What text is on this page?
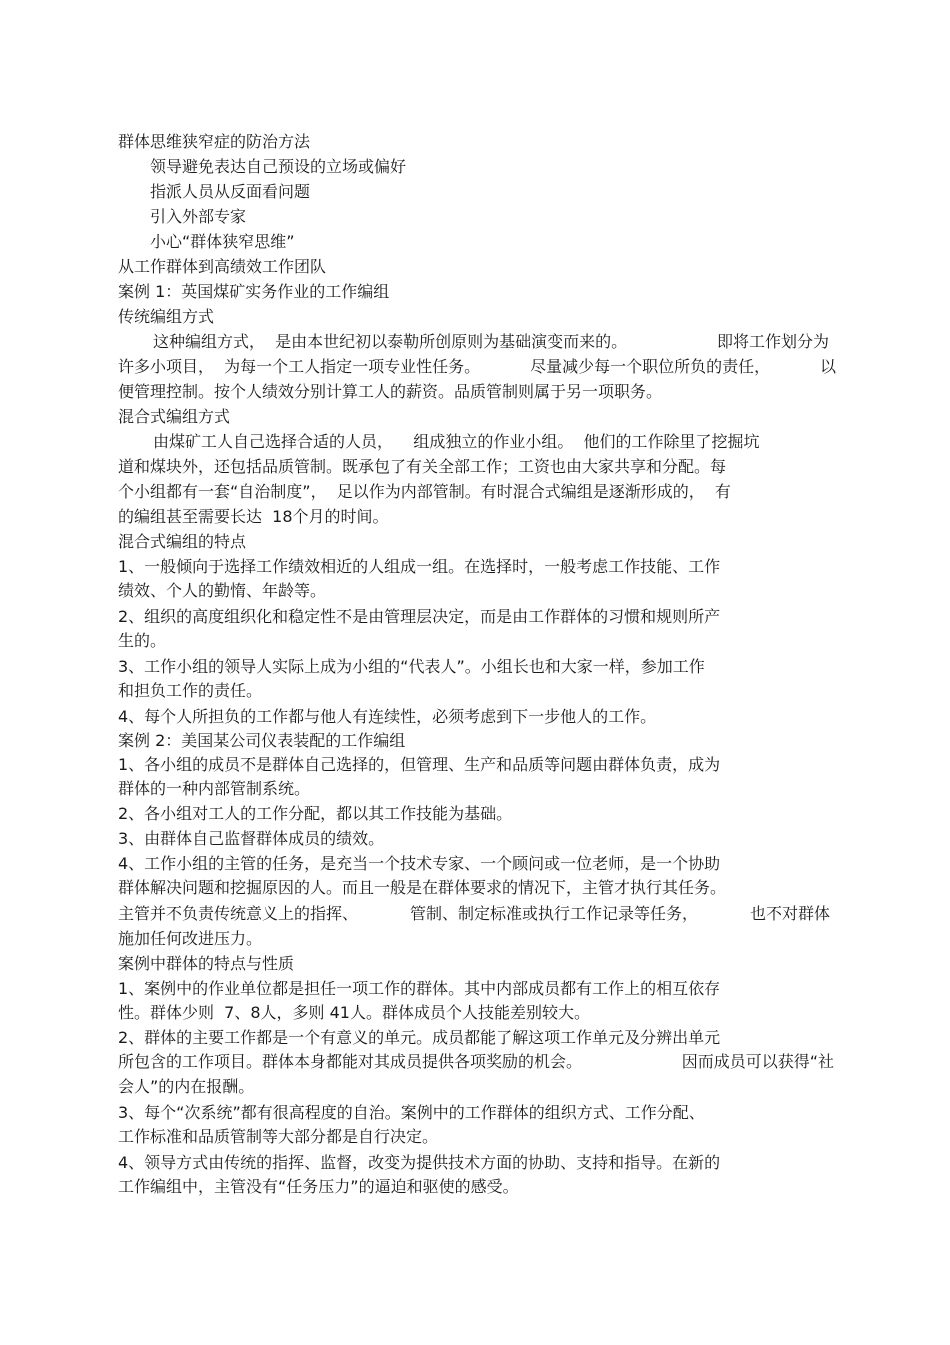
群体思维狭窄症的防治方法
领导避免表达自己预设的立场或偏好
指派人员从反面看问题
引入外部专家
小心“群体狭窄思维”
从工作群体到高绩效工作团队
案例 1：英国煤矿实务作业的工作编组
传统编组方式
这种编组方式，  是由本世纪初以泰勒所创原则为基础演变而来的。	即将工作划分为
许多小项目，  为每一个工人指定一项专业性任务。	尽量减少每一个职位所负的责任，	以
便管理控制。按个人绩效分别计算工人的薪资。品质管制则属于另一项职务。
混合式编组方式
由煤矿工人自己选择合适的人员，    组成独立的作业小组。  他们的工作除里了挖掘坑
道和煤块外，还包括品质管制。既承包了有关全部工作；工资也由大家共享和分配。每
个小组都有一套“自治制度”，  足以作为内部管制。有时混合式编组是逐渐形成的，  有
的编组甚至需要长达  18个月的时间。
混合式编组的特点
1、一般倾向于选择工作绩效相近的人组成一组。在选择时，一般考虑工作技能、工作
绩效、个人的勤惰、年龄等。
2、组织的高度组织化和稳定性不是由管理层决定，而是由工作群体的习惯和规则所产
生的。
3、工作小组的领导人实际上成为小组的“代表人”。小组长也和大家一样，参加工作
和担负工作的责任。
4、每个人所担负的工作都与他人有连续性，必须考虑到下一步他人的工作。
案例 2：美国某公司仪表装配的工作编组
1、各小组的成员不是群体自己选择的，但管理、生产和品质等问题由群体负责，成为
群体的一种内部管制系统。
2、各小组对工人的工作分配，都以其工作技能为基础。
3、由群体自己监督群体成员的绩效。
4、工作小组的主管的任务，是充当一个技术专家、一个顾问或一位老师，是一个协助
群体解决问题和挖掘原因的人。而且一般是在群体要求的情况下，主管才执行其任务。
主管并不负责传统意义上的指挥、	管制、制定标准或执行工作记录等任务，	也不对群体
施加任何改进压力。
案例中群体的特点与性质
1、案例中的作业单位都是担任一项工作的群体。其中内部成员都有工作上的相互依存
性。群体少则  7、8人，多则 41人。群体成员个人技能差别较大。
2、群体的主要工作都是一个有意义的单元。成员都能了解这项工作单元及分辨出单元
所包含的工作项目。群体本身都能对其成员提供各项奖励的机会。	因而成员可以获得“社
会人”的内在报酬。
3、每个“次系统”都有很高程度的自治。案例中的工作群体的组织方式、工作分配、
工作标准和品质管制等大部分都是自行决定。
4、领导方式由传统的指挥、监督，改变为提供技术方面的协助、支持和指导。在新的
工作编组中，主管没有“任务压力”的逼迫和驱使的感受。
